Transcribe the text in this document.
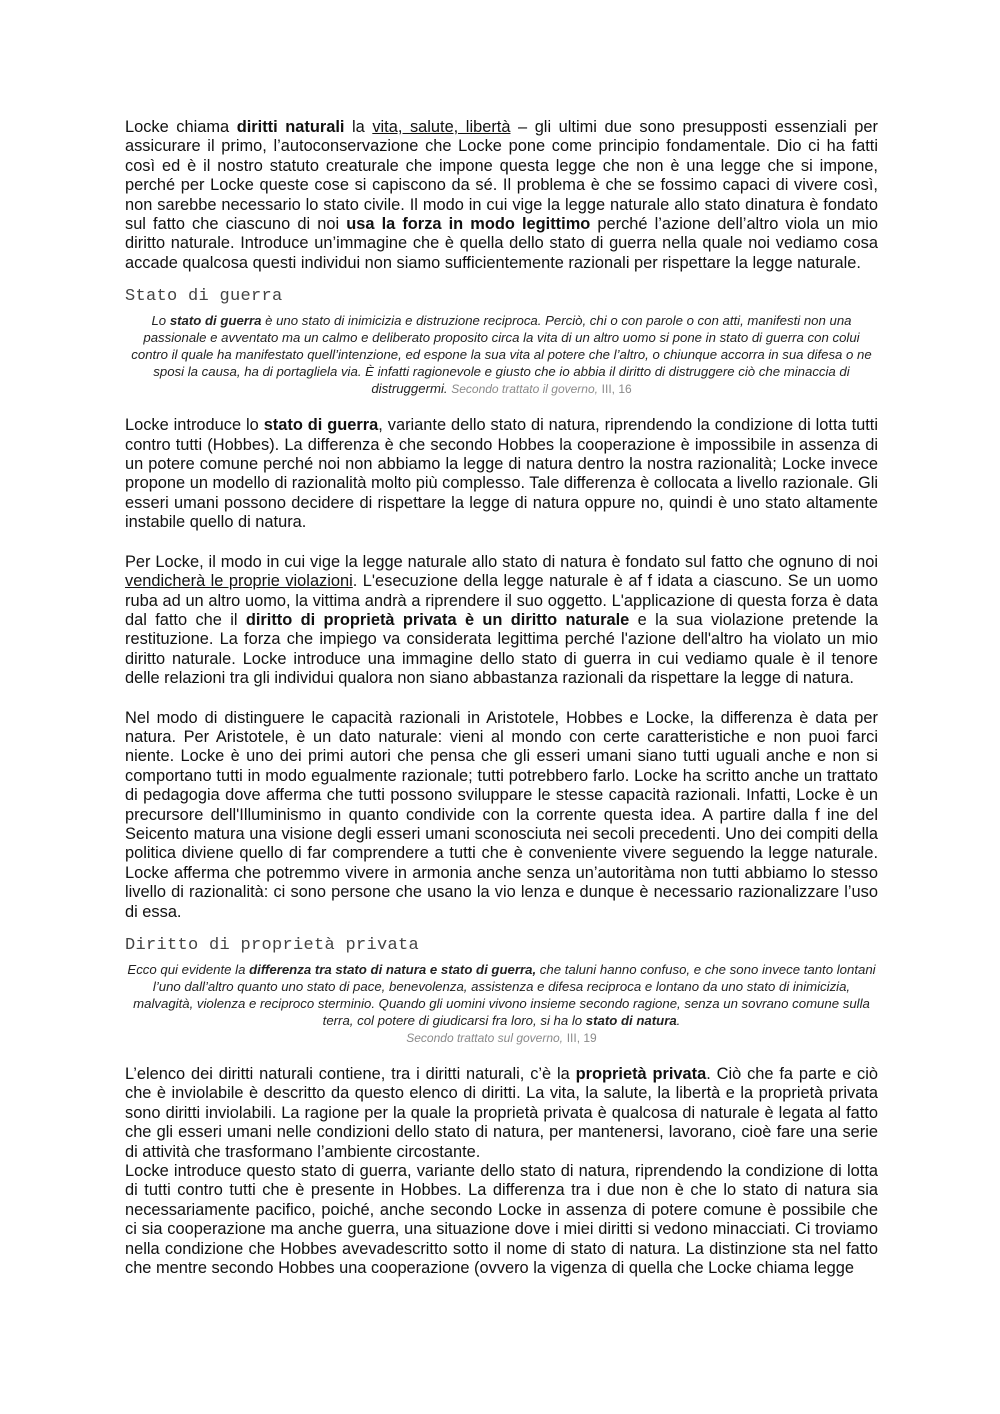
Locke chiama diritti naturali la vita, salute, libertà – gli ultimi due sono presupposti essenziali per assicurare il primo, l’autoconservazione che Locke pone come principio fondamentale. Dio ci ha fatti così ed è il nostro statuto creaturale che impone questa legge che non è una legge che si impone, perché per Locke queste cose si capiscono da sé. Il problema è che se fossimo capaci di vivere così, non sarebbe necessario lo stato civile. Il modo in cui vige la legge naturale allo stato dinatura è fondato sul fatto che ciascuno di noi usa la forza in modo legittimo perché l’azione dell’altro viola un mio diritto naturale. Introduce un’immagine che è quella dello stato di guerra nella quale noi vediamo cosa accade qualcosa questi individui non siamo sufficientemente razionali per rispettare la legge naturale.

Stato di guerra

Lo stato di guerra è uno stato di inimicizia e distruzione reciproca. Perciò, chi o con parole o con atti, manifesti non una passionale e avventato ma un calmo e deliberato proposito circa la vita di un altro uomo si pone in stato di guerra con colui contro il quale ha manifestato quell’intenzione, ed espone la sua vita al potere che l’altro, o chiunque accorra in sua difesa o ne sposi la causa, ha di portagliela via. È infatti ragionevole e giusto che io abbia il diritto di distruggere ciò che minaccia di distruggermi. Secondo trattato il governo, III, 16

Locke introduce lo stato di guerra, variante dello stato di natura, riprendendo la condizione di lotta tutti contro tutti (Hobbes). La differenza è che secondo Hobbes la cooperazione è impossibile in assenza di un potere comune perché noi non abbiamo la legge di natura dentro la nostra razionalità; Locke invece propone un modello di razionalità molto più complesso. Tale differenza è collocata a livello razionale. Gli esseri umani possono decidere di rispettare la legge di natura oppure no, quindi è uno stato altamente instabile quello di natura.

Per Locke, il modo in cui vige la legge naturale allo stato di natura è fondato sul fatto che ognuno di noi vendicherà le proprie violazioni. L'esecuzione della legge naturale è af f idata a ciascuno. Se un uomo ruba ad un altro uomo, la vittima andrà a riprendere il suo oggetto. L'applicazione di questa forza è data dal fatto che il diritto di proprietà privata è un diritto naturale e la sua violazione pretende la restituzione. La forza che impiego va considerata legittima perché l'azione dell'altro ha violato un mio diritto naturale. Locke introduce una immagine dello stato di guerra in cui vediamo quale è il tenore delle relazioni tra gli individui qualora non siano abbastanza razionali da rispettare la legge di natura.

Nel modo di distinguere le capacità razionali in Aristotele, Hobbes e Locke, la differenza è data per natura. Per Aristotele, è un dato naturale: vieni al mondo con certe caratteristiche e non puoi farci niente. Locke è uno dei primi autori che pensa che gli esseri umani siano tutti uguali anche e non si comportano tutti in modo egualmente razionale; tutti potrebbero farlo. Locke ha scritto anche un trattato di pedagogia dove afferma che tutti possono sviluppare le stesse capacità razionali. Infatti, Locke è un precursore dell'Illuminismo in quanto condivide con la corrente questa idea. A partire dalla f ine del Seicento matura una visione degli esseri umani sconosciuta nei secoli precedenti. Uno dei compiti della politica diviene quello di far comprendere a tutti che è conveniente vivere seguendo la legge naturale. Locke afferma che potremmo vivere in armonia anche senza un’autoritàma non tutti abbiamo lo stesso livello di razionalità: ci sono persone che usano la vio lenza e dunque è necessario razionalizzare l’uso di essa.

Diritto di proprietà privata

Ecco qui evidente la differenza tra stato di natura e stato di guerra, che taluni hanno confuso, e che sono invece tanto lontani l’uno dall’altro quanto uno stato di pace, benevolenza, assistenza e difesa reciproca e lontano da uno stato di inimicizia, malvagità, violenza e reciproco sterminio. Quando gli uomini vivono insieme secondo ragione, senza un sovrano comune sulla terra, col potere di giudicarsi fra loro, si ha lo stato di natura.
Secondo trattato sul governo, III, 19

L’elenco dei diritti naturali contiene, tra i diritti naturali, c’è la proprietà privata. Ciò che fa parte e ciò che è inviolabile è descritto da questo elenco di diritti. La vita, la salute, la libertà e la proprietà privata sono diritti inviolabili. La ragione per la quale la proprietà privata è qualcosa di naturale è legata al fatto che gli esseri umani nelle condizioni dello stato di natura, per mantenersi, lavorano, cioè fare una serie di attività che trasformano l’ambiente circostante.

Locke introduce questo stato di guerra, variante dello stato di natura, riprendendo la condizione di lotta di tutti contro tutti che è presente in Hobbes. La differenza tra i due non è che lo stato di natura sia necessariamente pacifico, poiché, anche secondo Locke in assenza di potere comune è possibile che ci sia cooperazione ma anche guerra, una situazione dove i miei diritti si vedono minacciati. Ci troviamo nella condizione che Hobbes avevadescritto sotto il nome di stato di natura. La distinzione sta nel fatto che mentre secondo Hobbes una cooperazione (ovvero la vigenza di quella che Locke chiama legge
